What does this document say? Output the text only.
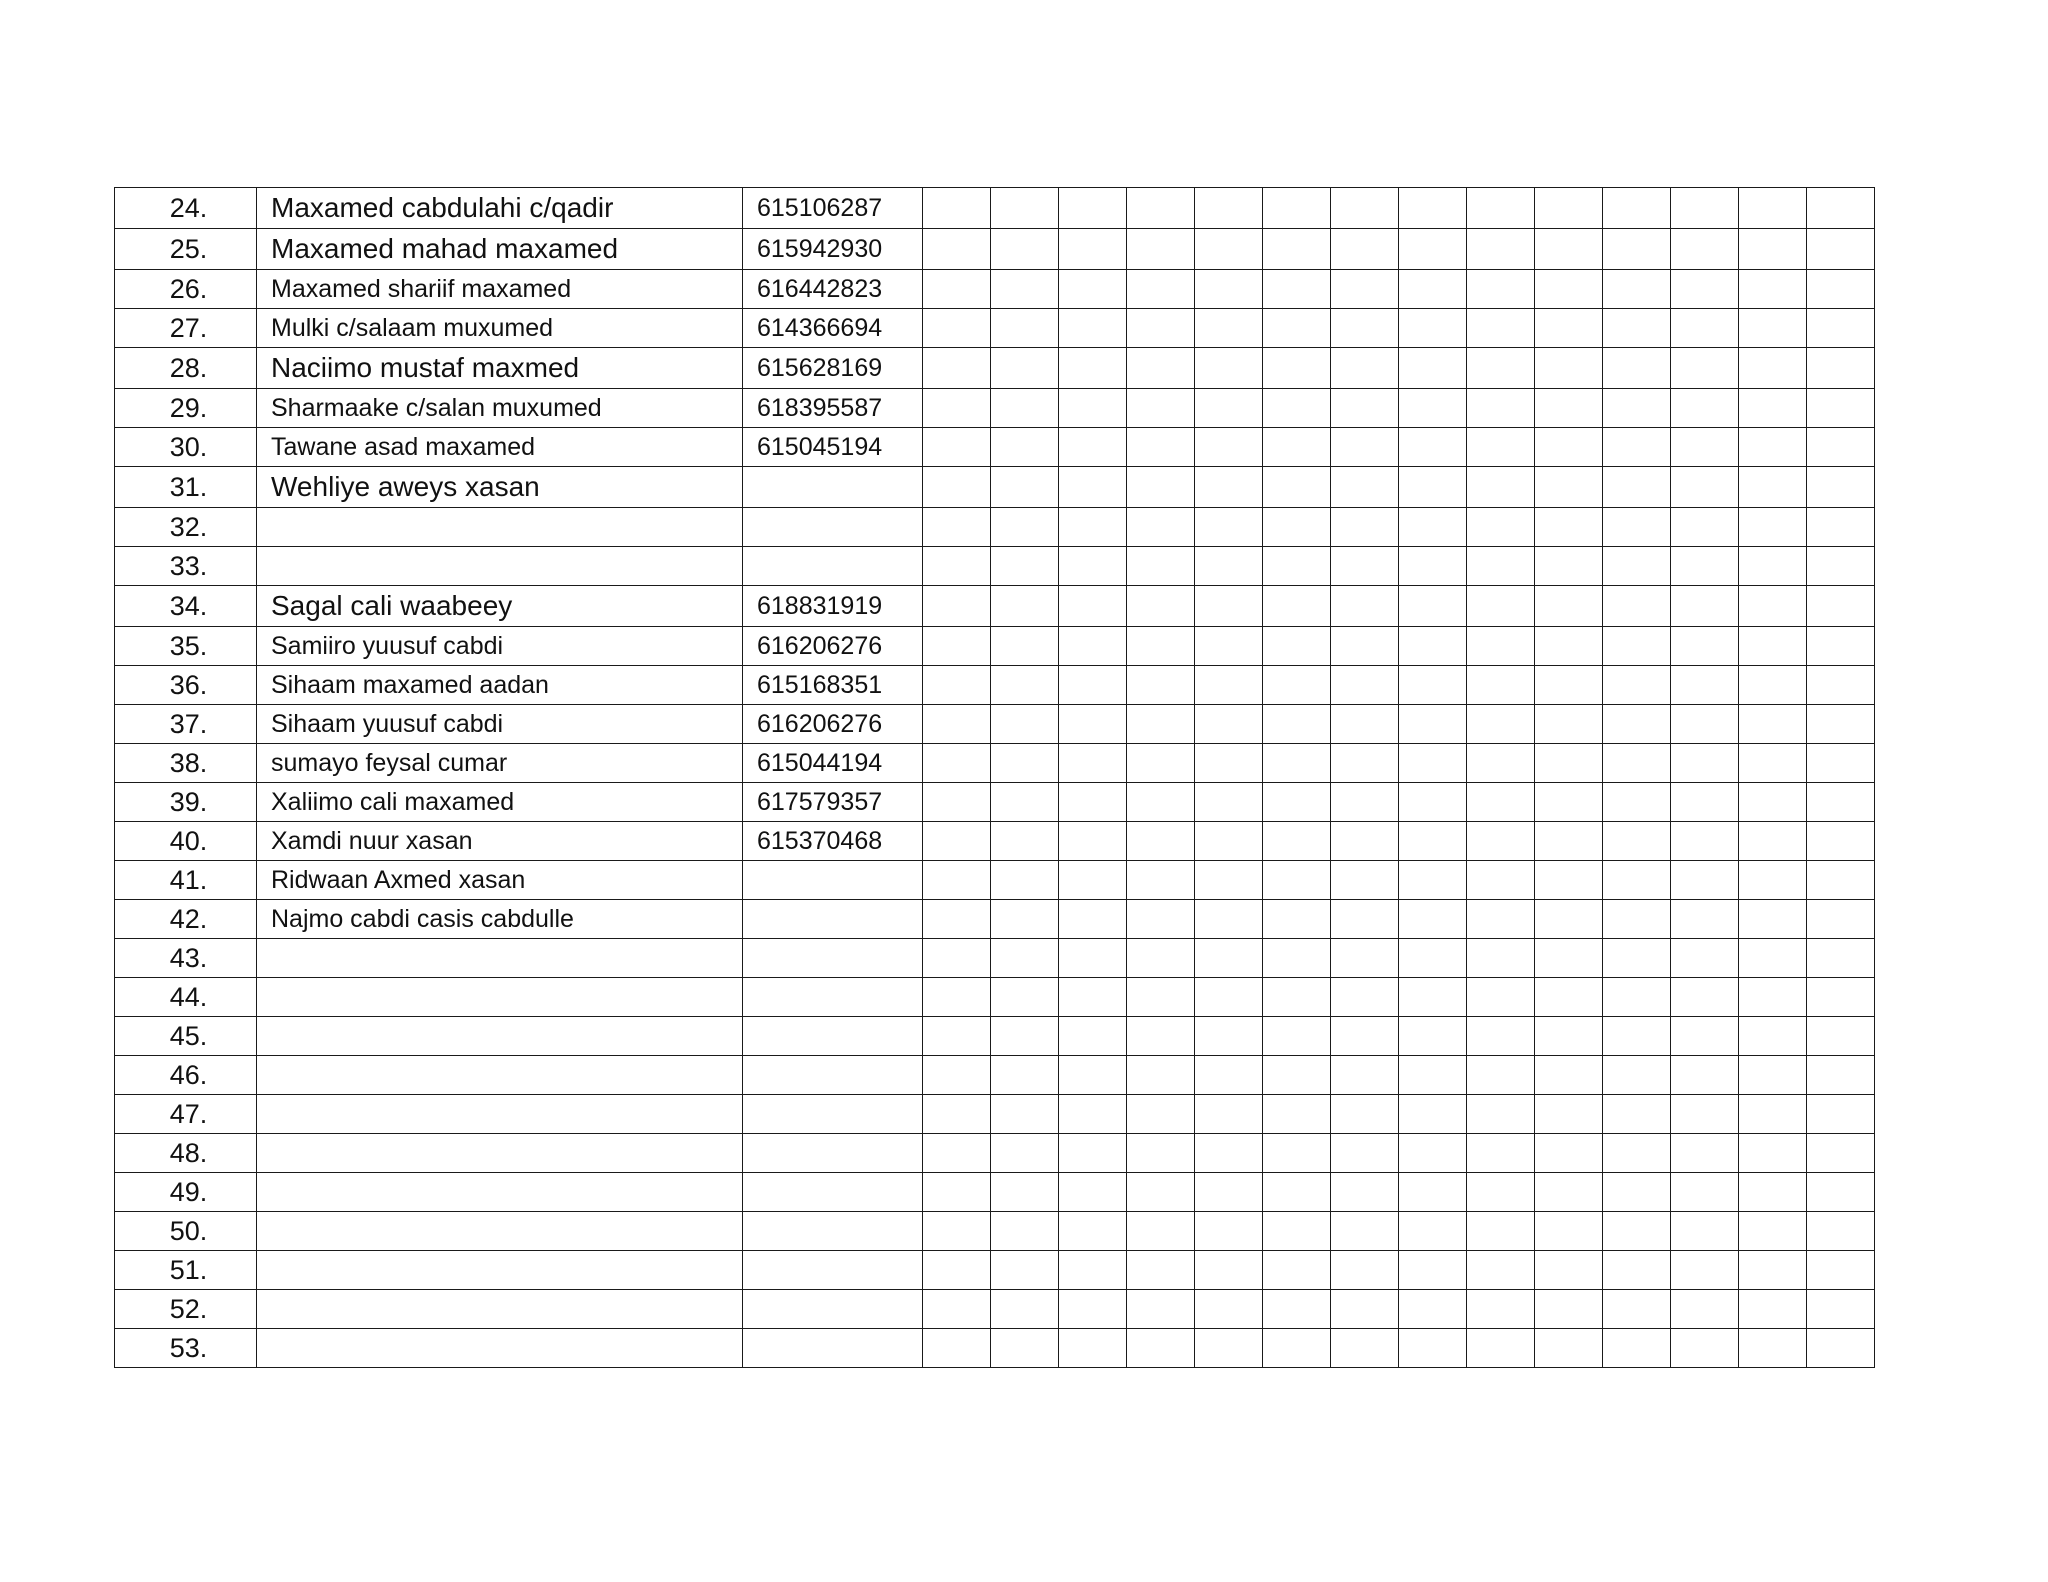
24.	Maxamed cabdulahi c/qadir	615106287														
25.	Maxamed mahad maxamed	615942930														
26.	Maxamed shariif maxamed	616442823														
27.	Mulki c/salaam muxumed	614366694														
28.	Naciimo mustaf maxmed	615628169														
29.	Sharmaake c/salan muxumed	618395587														
30.	Tawane asad maxamed	615045194														
31.	Wehliye aweys xasan															
32.																
33.																
34.	Sagal cali waabeey	618831919														
35.	Samiiro yuusuf cabdi	616206276														
36.	Sihaam maxamed aadan	615168351														
37.	Sihaam yuusuf cabdi	616206276														
38.	sumayo feysal cumar	615044194														
39.	Xaliimo cali maxamed	617579357														
40.	Xamdi nuur xasan	615370468														
41.	Ridwaan Axmed xasan															
42.	Najmo cabdi casis cabdulle															
43.																
44.																
45.																
46.																
47.																
48.																
49.																
50.																
51.																
52.																
53.																
